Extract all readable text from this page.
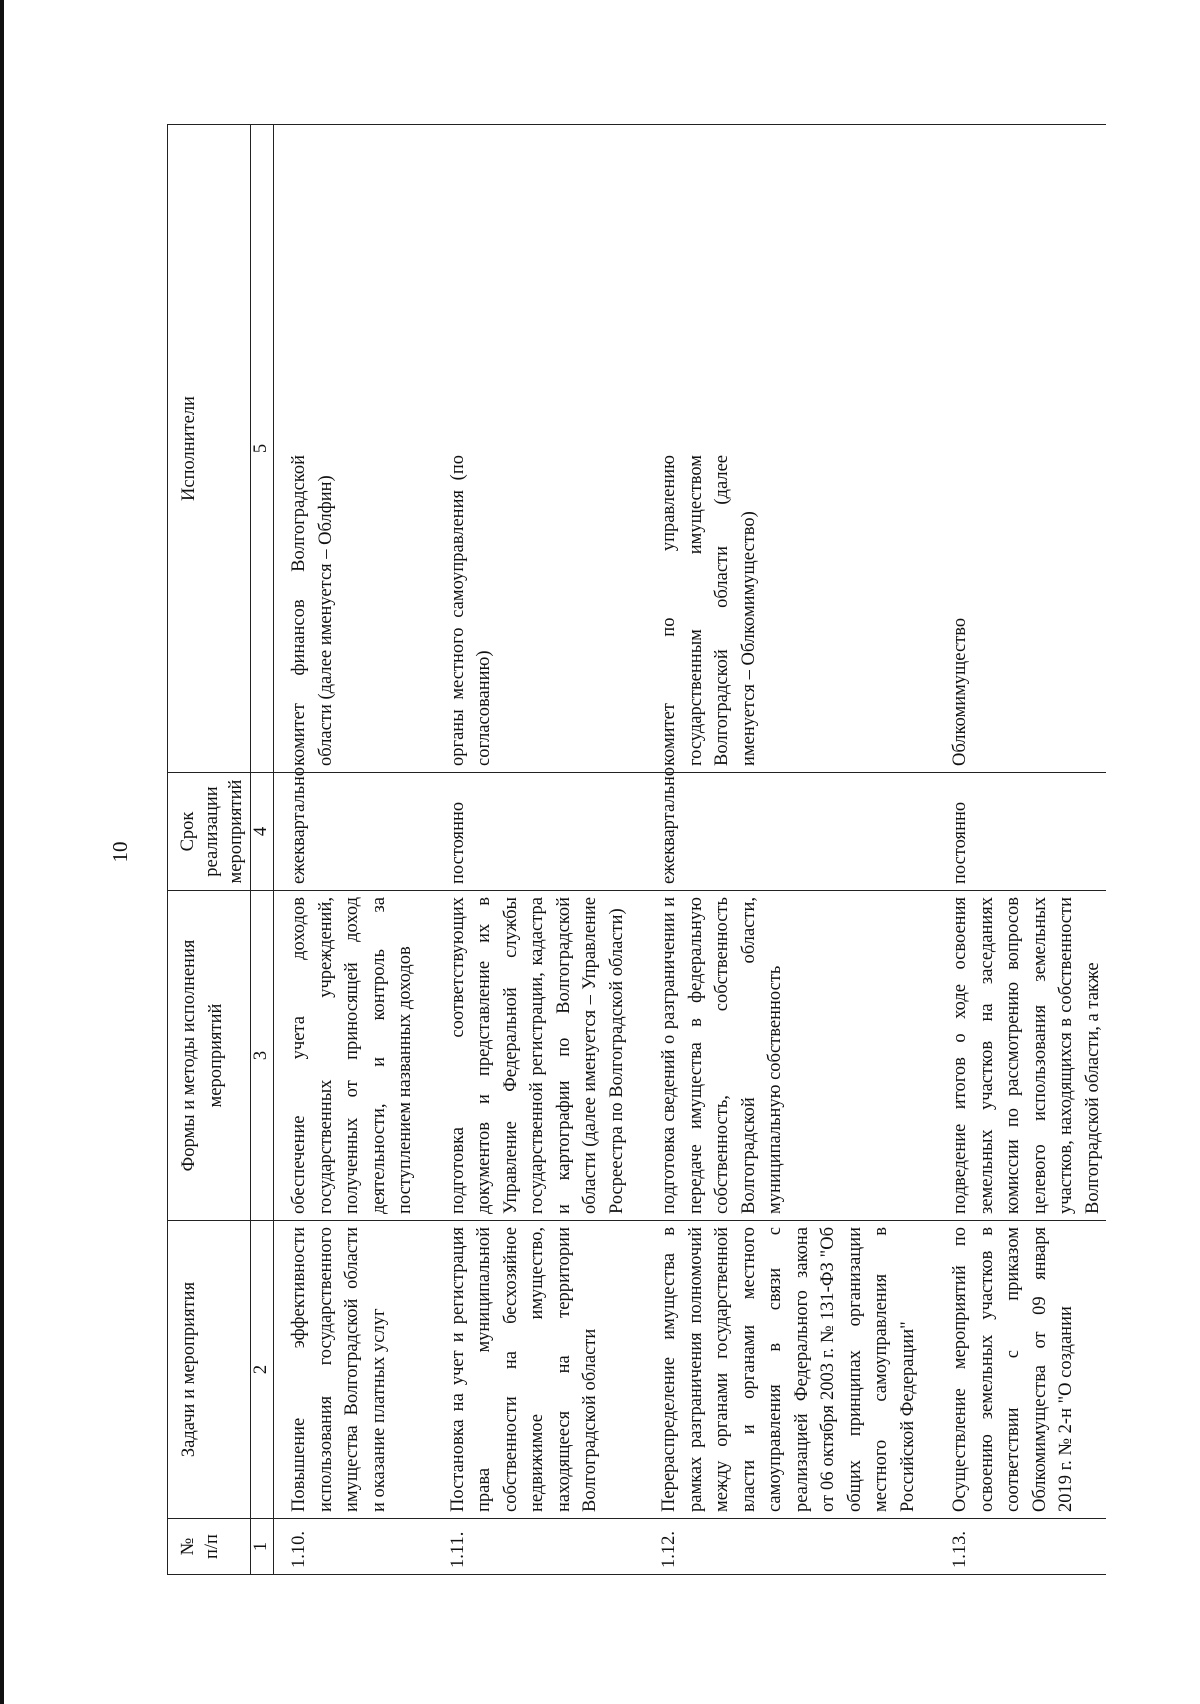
10
№ п/п	Задачи и мероприятия	Формы и методы исполнения мероприятий	Срок реализации мероприятий	Исполнители
1	2	3	4	5
1.10.	Повышение эффективности использования государственного имущества Волгоградской области и оказание платных услуг	обеспечение учета доходов государственных учреждений, полученных от приносящей доход деятельности, и контроль за поступлением названных доходов	ежеквартально	комитет финансов Волгоградской области (далее именуется – Облфин)
1.11.	Постановка на учет и регистрация права муниципальной собственности на бесхозяйное недвижимое имущество, находящееся на территории Волгоградской области	подготовка соответствующих документов и представление их в Управление Федеральной службы государственной регистрации, кадастра и картографии по Волгоградской области (далее именуется – Управление Росреестра по Волгоградской области)	постоянно	органы местного самоуправления (по согласованию)
1.12.	Перераспределение имущества в рамках разграничения полномочий между органами государственной власти и органами местного самоуправления в связи с реализацией Федерального закона от 06 октября 2003 г. № 131-ФЗ "Об общих принципах организации местного самоуправления в Российской Федерации"	подготовка сведений о разграничении и передаче имущества в федеральную собственность, собственность Волгоградской области, муниципальную собственность	ежеквартально	комитет по управлению государственным имуществом Волгоградской области (далее именуется – Облкомимущество)
1.13.	Осуществление мероприятий по освоению земельных участков в соответствии с приказом Облкомимущества от 09 января 2019 г. № 2-н "О создании	подведение итогов о ходе освоения земельных участков на заседаниях комиссии по рассмотрению вопросов целевого использования земельных участков, находящихся в собственности Волгоградской области, а также	постоянно	Облкомимущество
